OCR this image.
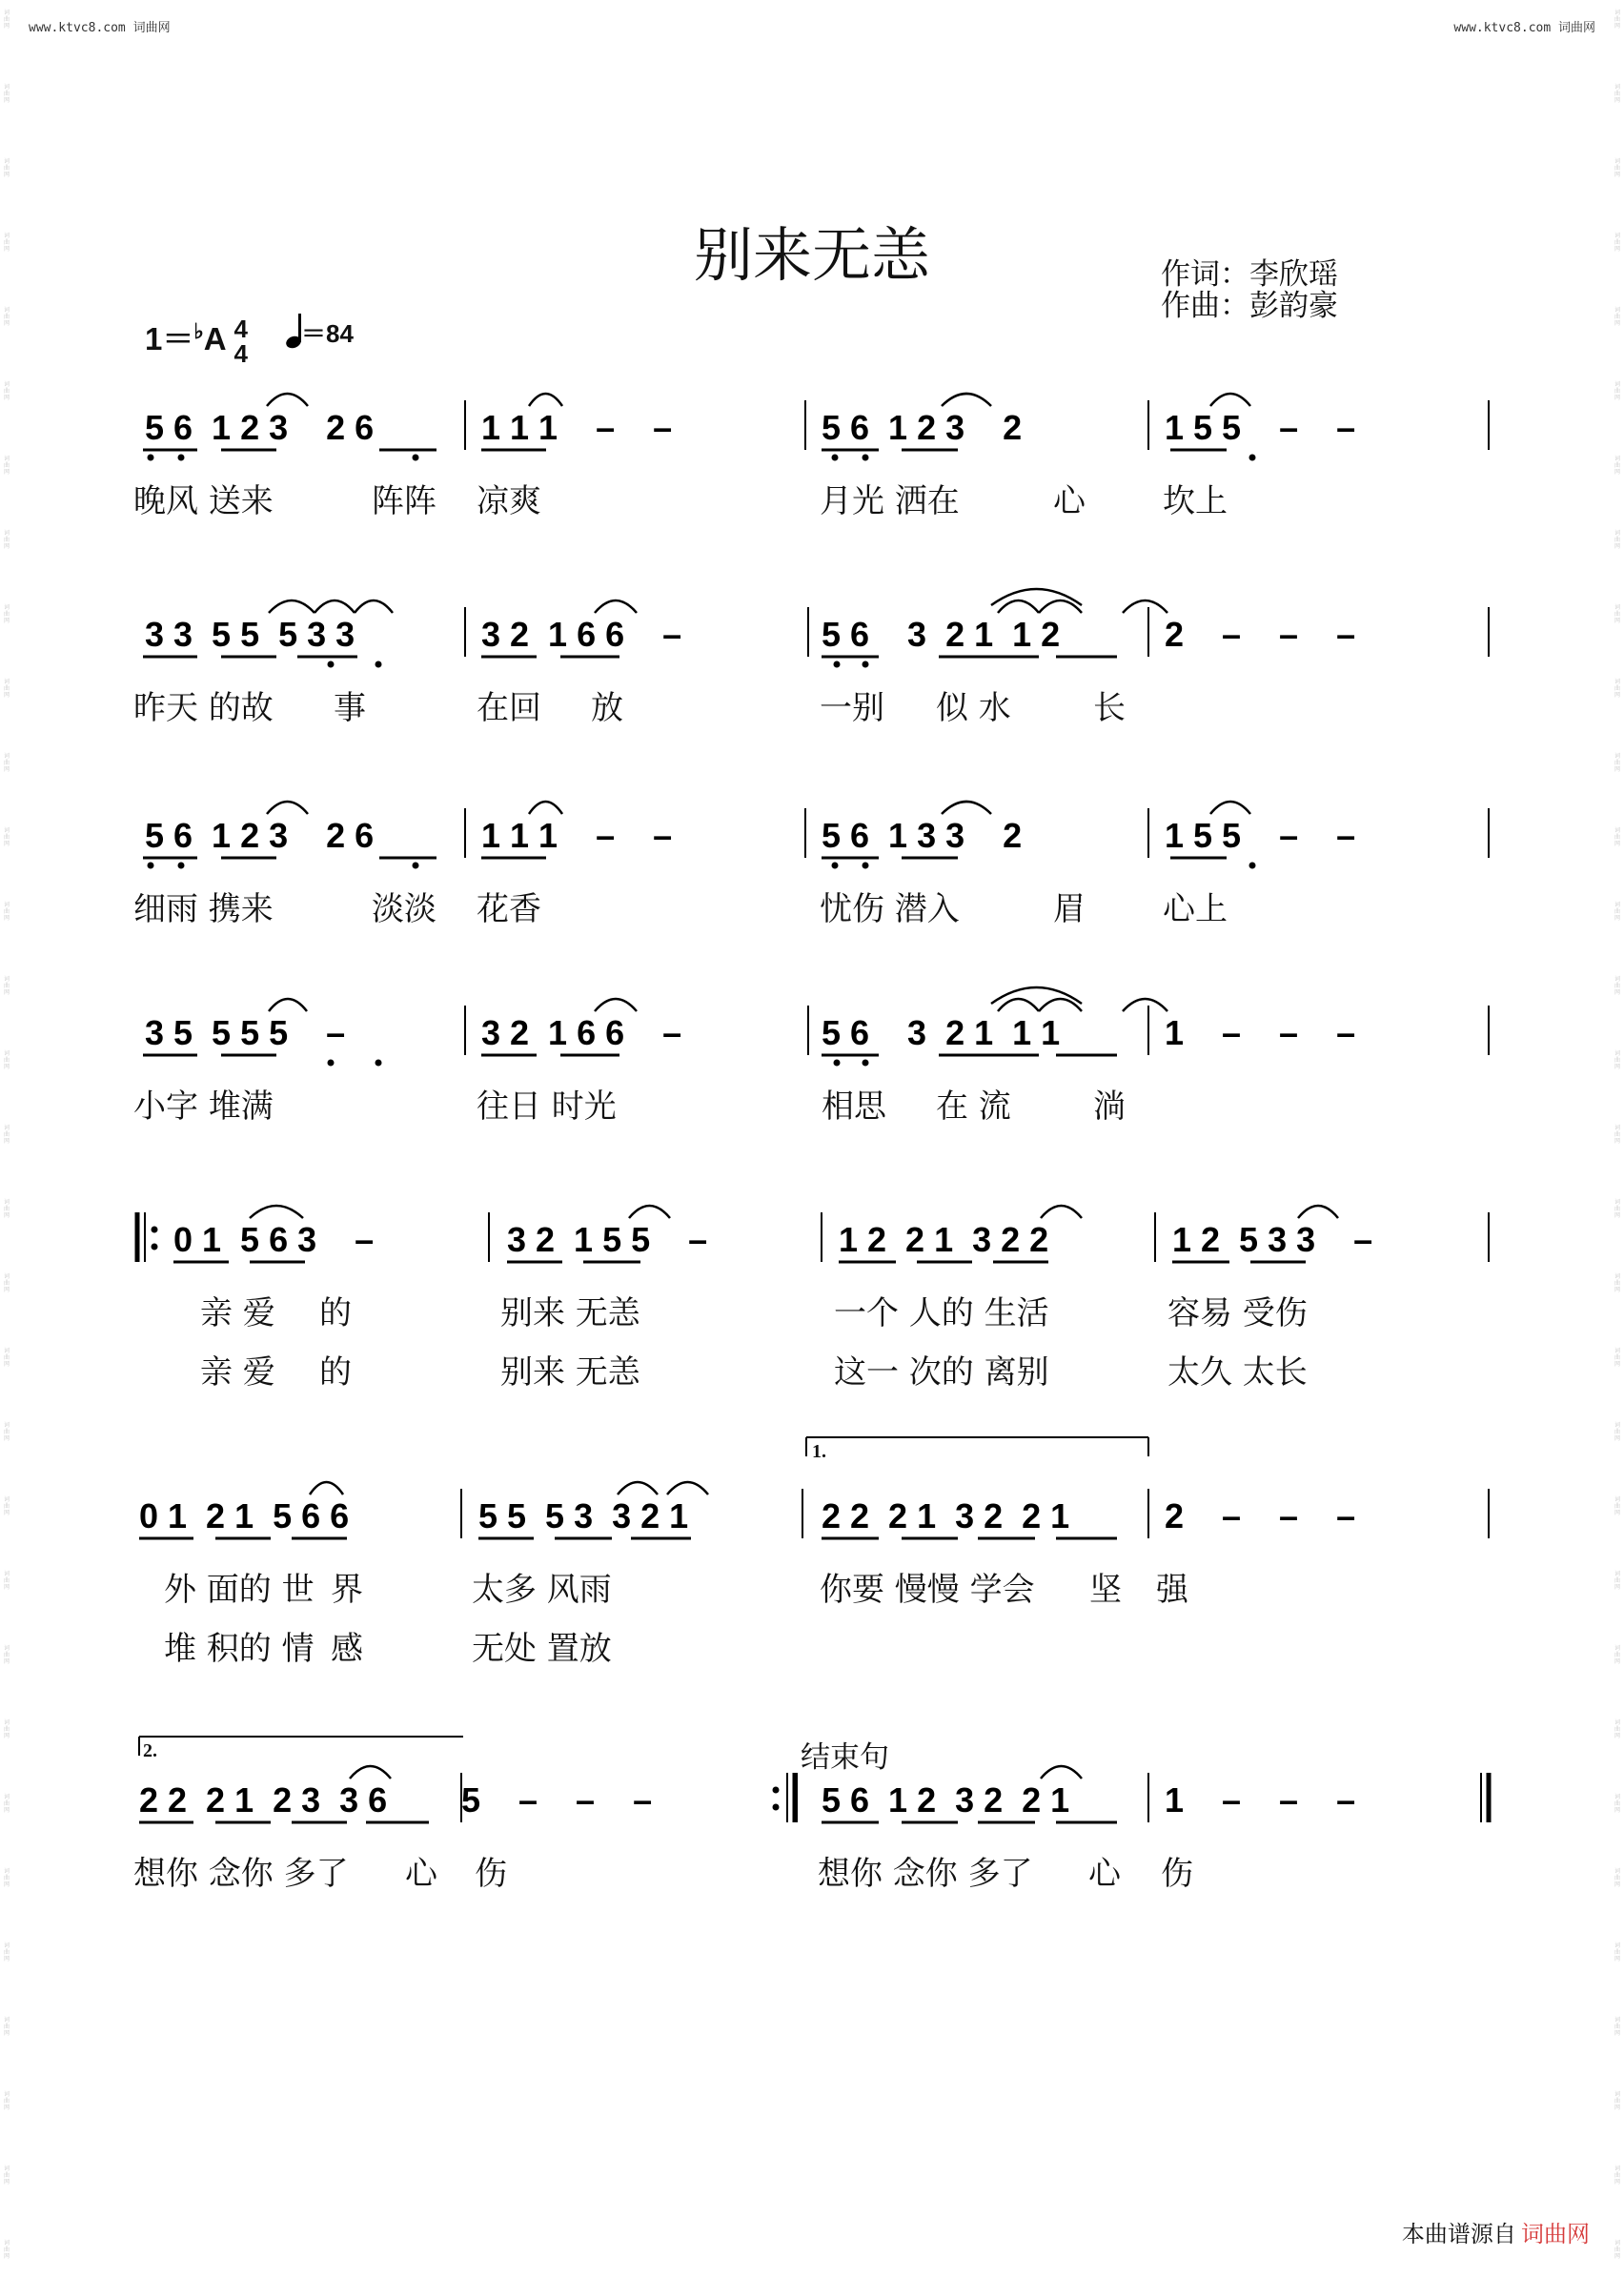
词曲网
词曲网
词曲网
词曲网
词曲网
词曲网
词曲网
词曲网
词曲网
词曲网
词曲网
词曲网
词曲网
词曲网
词曲网
词曲网
词曲网
词曲网
词曲网
词曲网
词曲网
词曲网
词曲网
词曲网
词曲网
词曲网
词曲网
词曲网
词曲网
词曲网
词曲网
词曲网
词曲网
词曲网
词曲网
词曲网
词曲网
词曲网
词曲网
词曲网
词曲网
词曲网
词曲网
词曲网
词曲网
词曲网
词曲网
词曲网
词曲网
词曲网
词曲网
词曲网
词曲网
词曲网
词曲网
词曲网
词曲网
词曲网
词曲网
词曲网
词曲网
词曲网
www.ktvc8.com 词曲网	www.ktvc8.com 词曲网
别来无恙	作词：李欣瑶
作曲：彭韵豪
1＝♭A 4
4
＝84
5 6  1 2 3    2 6	1 1 1    –    –	5 6  1 2 3    2	1 5 5    –    –
晚风 送来	阵阵 凉爽	月光 洒在	心 坎上
3 3  5 5  5 3 3	3 2  1 6 6    –	5 6    3  2 1  1 2	2    –    –    –
昨天 的故 事	在回 放	一别 似 水	长
5 6  1 2 3    2 6	1 1 1    –    –	5 6  1 3 3    2	1 5 5    –    –
细雨 携来	淡淡 花香	忧伤 潜入	眉 心上
3 5  5 5 5    –	3 2  1 6 6    –	5 6    3  2 1  1 1	1    –    –    –
小字 堆满	往日 时光	相思 在 流	淌
0 1  5 6 3    –	3 2  1 5 5    –	1 2  2 1  3 2 2	1 2  5 3 3    –
亲 爱 的	别来 无恙	一个 人的 生活	容易 受伤
亲 爱 的	别来 无恙	这一 次的 离别	太久 太长
0 1  2 1  5 6 6	5 5  5 3  3 2 1	2 2  2 1  3 2  2 1	2    –    –    –
外 面的 世 界	太多 风雨	你要 慢慢 学会 坚 强
堆 积的 情 感	无处 置放
2 2  2 1  2 3  3 6 5    –    –    –	5 6  1 2  3 2  2 1	1    –    –    –
想你 念你 多了 心 伤	想你 念你 多了 心 伤
1.
2.	结束句
本曲谱源自 词曲网
